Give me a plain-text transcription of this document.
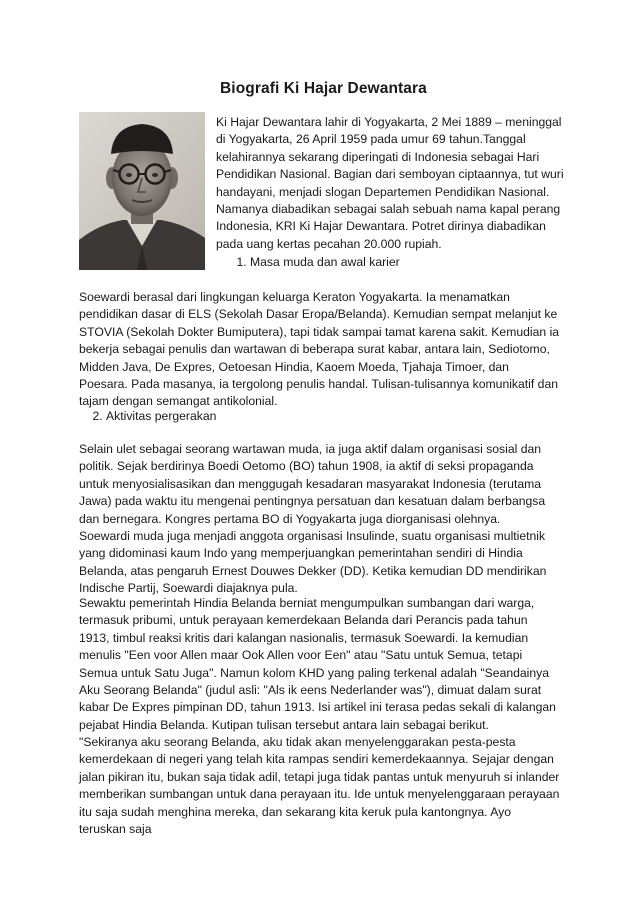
Biografi Ki Hajar Dewantara

Ki Hajar Dewantara lahir di Yogyakarta, 2 Mei 1889 – meninggal di Yogyakarta, 26 April 1959 pada umur 69 tahun.Tanggal kelahirannya sekarang diperingati di Indonesia sebagai Hari Pendidikan Nasional. Bagian dari semboyan ciptaannya, tut wuri handayani, menjadi slogan Departemen Pendidikan Nasional. Namanya diabadikan sebagai salah sebuah nama kapal perang Indonesia, KRI Ki Hajar Dewantara. Potret dirinya diabadikan pada uang kertas pecahan 20.000 rupiah.

1. Masa muda dan awal karier

Soewardi berasal dari lingkungan keluarga Keraton Yogyakarta. Ia menamatkan pendidikan dasar di ELS (Sekolah Dasar Eropa/Belanda). Kemudian sempat melanjut ke STOVIA (Sekolah Dokter Bumiputera), tapi tidak sampai tamat karena sakit. Kemudian ia bekerja sebagai penulis dan wartawan di beberapa surat kabar, antara lain, Sediotomo, Midden Java, De Expres, Oetoesan Hindia, Kaoem Moeda, Tjahaja Timoer, dan Poesara. Pada masanya, ia tergolong penulis handal. Tulisan-tulisannya komunikatif dan tajam dengan semangat antikolonial.

2. Aktivitas pergerakan

Selain ulet sebagai seorang wartawan muda, ia juga aktif dalam organisasi sosial dan politik. Sejak berdirinya Boedi Oetomo (BO) tahun 1908, ia aktif di seksi propaganda untuk menyosialisasikan dan menggugah kesadaran masyarakat Indonesia (terutama Jawa) pada waktu itu mengenai pentingnya persatuan dan kesatuan dalam berbangsa dan bernegara. Kongres pertama BO di Yogyakarta juga diorganisasi olehnya.

Soewardi muda juga menjadi anggota organisasi Insulinde, suatu organisasi multietnik yang didominasi kaum Indo yang memperjuangkan pemerintahan sendiri di Hindia Belanda, atas pengaruh Ernest Douwes Dekker (DD). Ketika kemudian DD mendirikan Indische Partij, Soewardi diajaknya pula.

Sewaktu pemerintah Hindia Belanda berniat mengumpulkan sumbangan dari warga, termasuk pribumi, untuk perayaan kemerdekaan Belanda dari Perancis pada tahun 1913, timbul reaksi kritis dari kalangan nasionalis, termasuk Soewardi. Ia kemudian menulis "Een voor Allen maar Ook Allen voor Een" atau "Satu untuk Semua, tetapi Semua untuk Satu Juga". Namun kolom KHD yang paling terkenal adalah "Seandainya Aku Seorang Belanda" (judul asli: "Als ik eens Nederlander was"), dimuat dalam surat kabar De Expres pimpinan DD, tahun 1913. Isi artikel ini terasa pedas sekali di kalangan pejabat Hindia Belanda. Kutipan tulisan tersebut antara lain sebagai berikut.

"Sekiranya aku seorang Belanda, aku tidak akan menyelenggarakan pesta-pesta kemerdekaan di negeri yang telah kita rampas sendiri kemerdekaannya. Sejajar dengan jalan pikiran itu, bukan saja tidak adil, tetapi juga tidak pantas untuk menyuruh si inlander memberikan sumbangan untuk dana perayaan itu. Ide untuk menyelenggaraan perayaan itu saja sudah menghina mereka, dan sekarang kita keruk pula kantongnya. Ayo teruskan saja
